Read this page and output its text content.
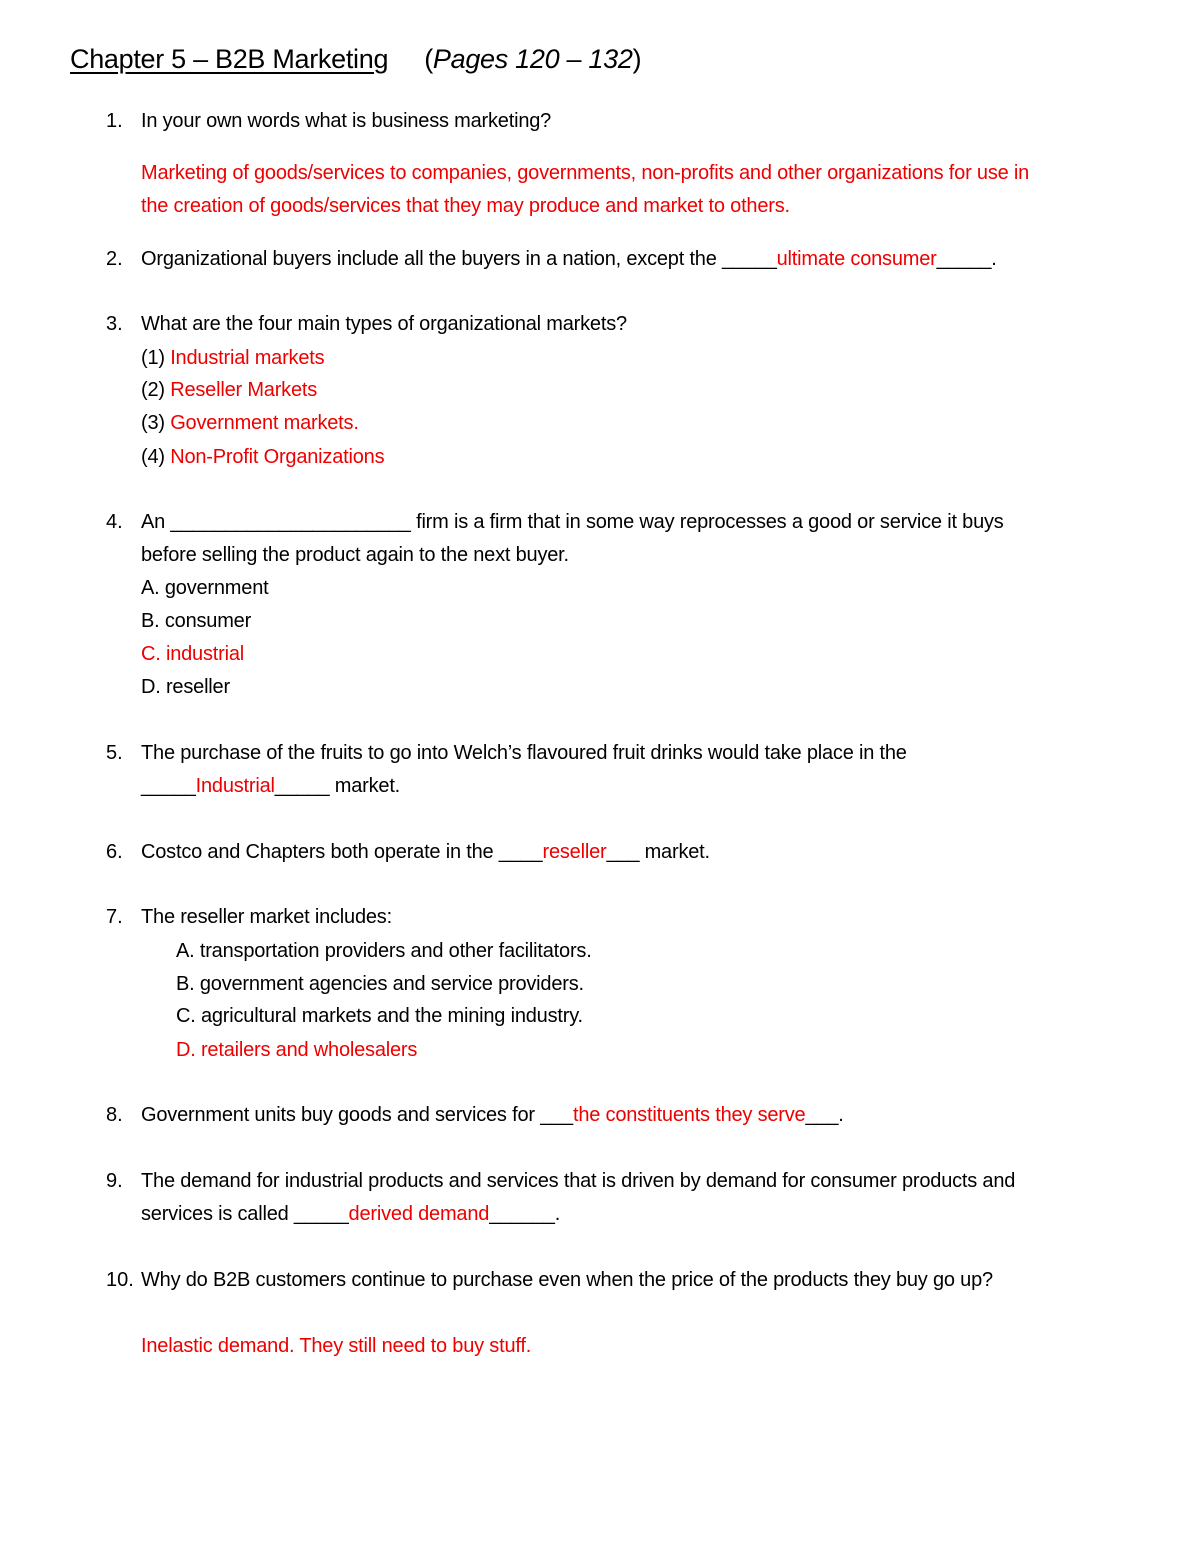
Chapter 5 – B2B Marketing (Pages 120 – 132)
1. In your own words what is business marketing?
Marketing of goods/services to companies, governments, non-profits and other organizations for use in
the creation of goods/services that they may produce and market to others.
2. Organizational buyers include all the buyers in a nation, except the _____ultimate consumer_____.
3. What are the four main types of organizational markets?
(1) Industrial markets
(2) Reseller Markets
(3) Government markets.
(4) Non-Profit Organizations
4. An ______________________ firm is a firm that in some way reprocesses a good or service it buys
before selling the product again to the next buyer.
A. government
B. consumer
C. industrial
D. reseller
5. The purchase of the fruits to go into Welch’s flavoured fruit drinks would take place in the
_____Industrial_____ market.
6. Costco and Chapters both operate in the ____reseller___ market.
7. The reseller market includes:
A. transportation providers and other facilitators.
B. government agencies and service providers.
C. agricultural markets and the mining industry.
D. retailers and wholesalers
8. Government units buy goods and services for ___the constituents they serve___.
9. The demand for industrial products and services that is driven by demand for consumer products and
services is called _____derived demand______.
10. Why do B2B customers continue to purchase even when the price of the products they buy go up?
Inelastic demand. They still need to buy stuff.
